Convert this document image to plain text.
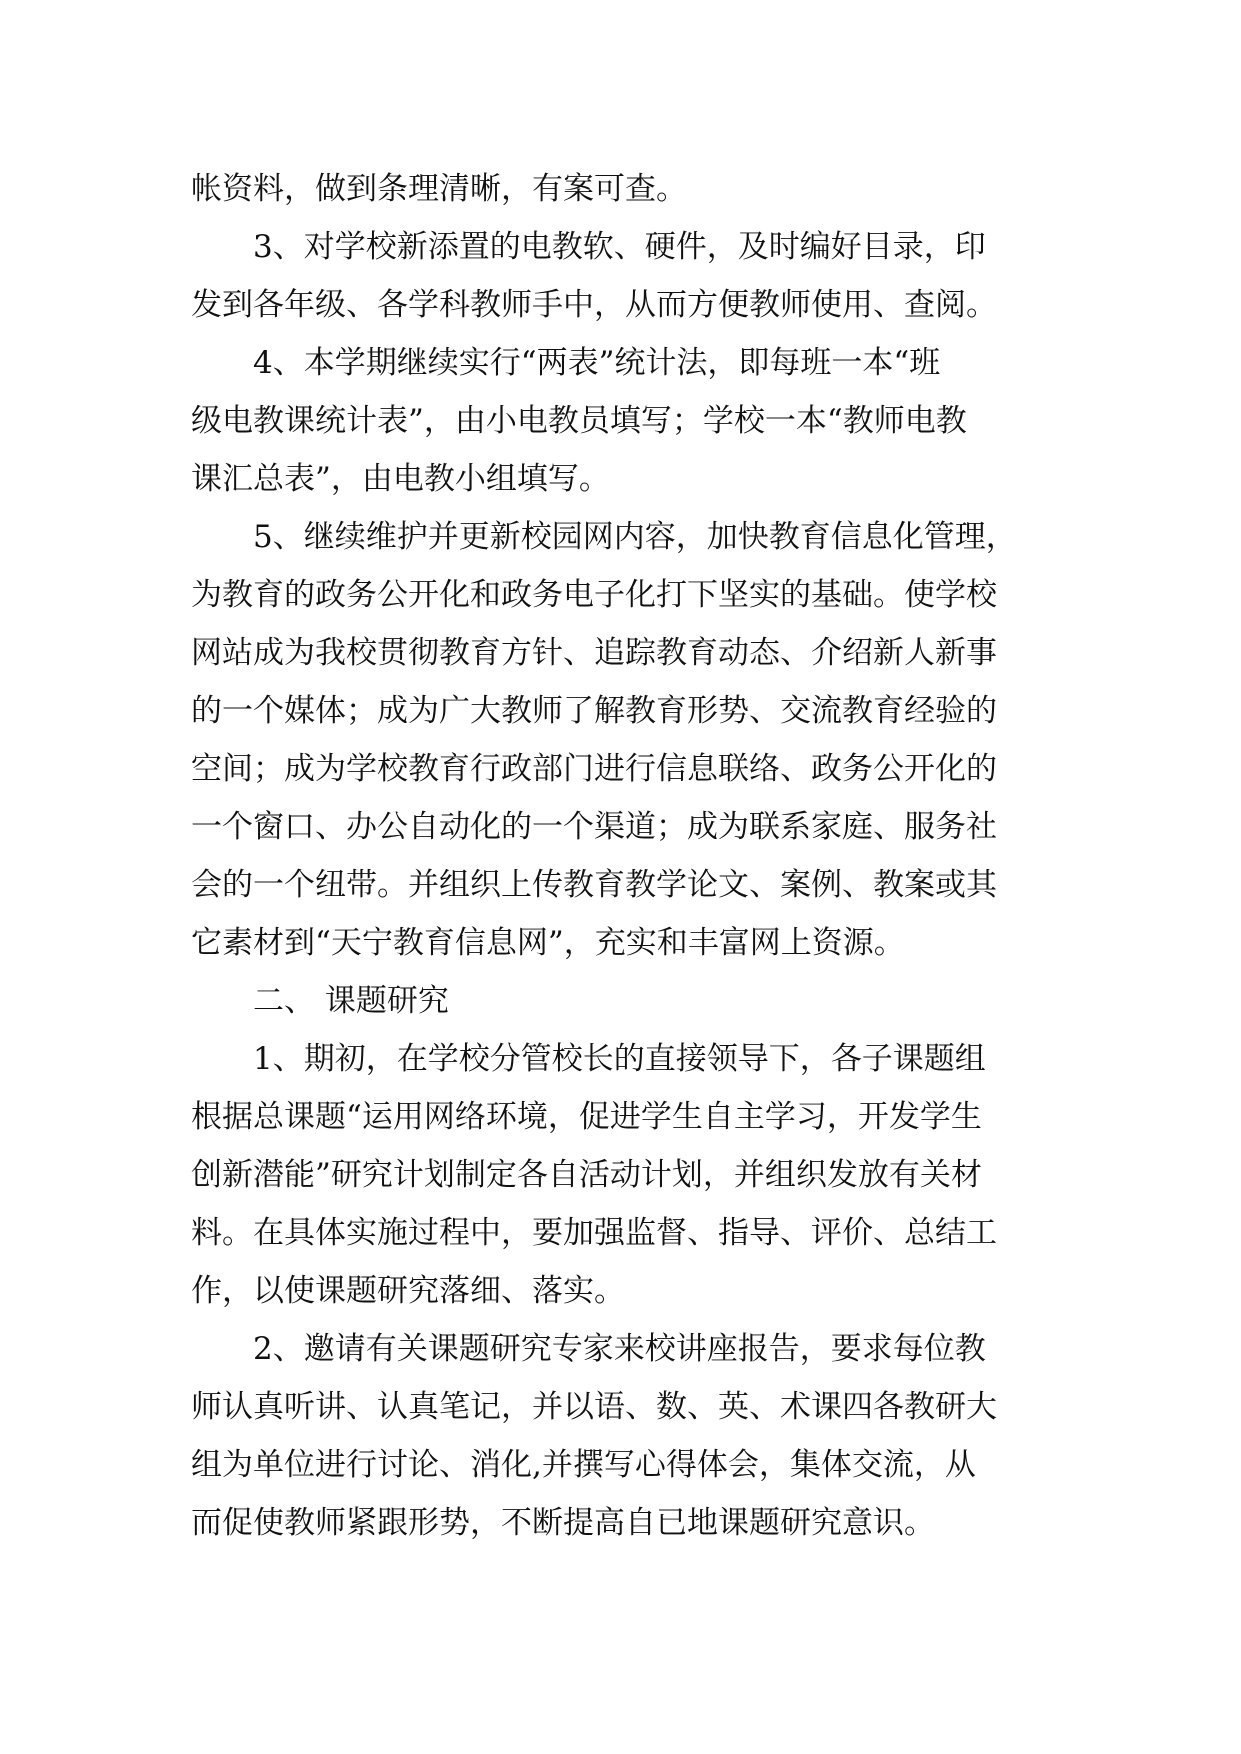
帐资料，做到条理清晰，有案可查。
3、对学校新添置的电教软、硬件，及时编好目录，印
发到各年级、各学科教师手中，从而方便教师使用、查阅。
4、本学期继续实行“两表”统计法，即每班一本“班
级电教课统计表”，由小电教员填写；学校一本“教师电教
课汇总表”，由电教小组填写。
5、继续维护并更新校园网内容，加快教育信息化管理，
为教育的政务公开化和政务电子化打下坚实的基础。使学校
网站成为我校贯彻教育方针、追踪教育动态、介绍新人新事
的一个媒体；成为广大教师了解教育形势、交流教育经验的
空间；成为学校教育行政部门进行信息联络、政务公开化的
一个窗口、办公自动化的一个渠道；成为联系家庭、服务社
会的一个纽带。并组织上传教育教学论文、案例、教案或其
它素材到“天宁教育信息网”，充实和丰富网上资源。
二、 课题研究
1、期初，在学校分管校长的直接领导下，各子课题组
根据总课题“运用网络环境，促进学生自主学习，开发学生
创新潜能”研究计划制定各自活动计划，并组织发放有关材
料。在具体实施过程中，要加强监督、指导、评价、总结工
作，以使课题研究落细、落实。
2、邀请有关课题研究专家来校讲座报告，要求每位教
师认真听讲、认真笔记，并以语、数、英、术课四各教研大
组为单位进行讨论、消化,并撰写心得体会，集体交流，从
而促使教师紧跟形势，不断提高自已地课题研究意识。
